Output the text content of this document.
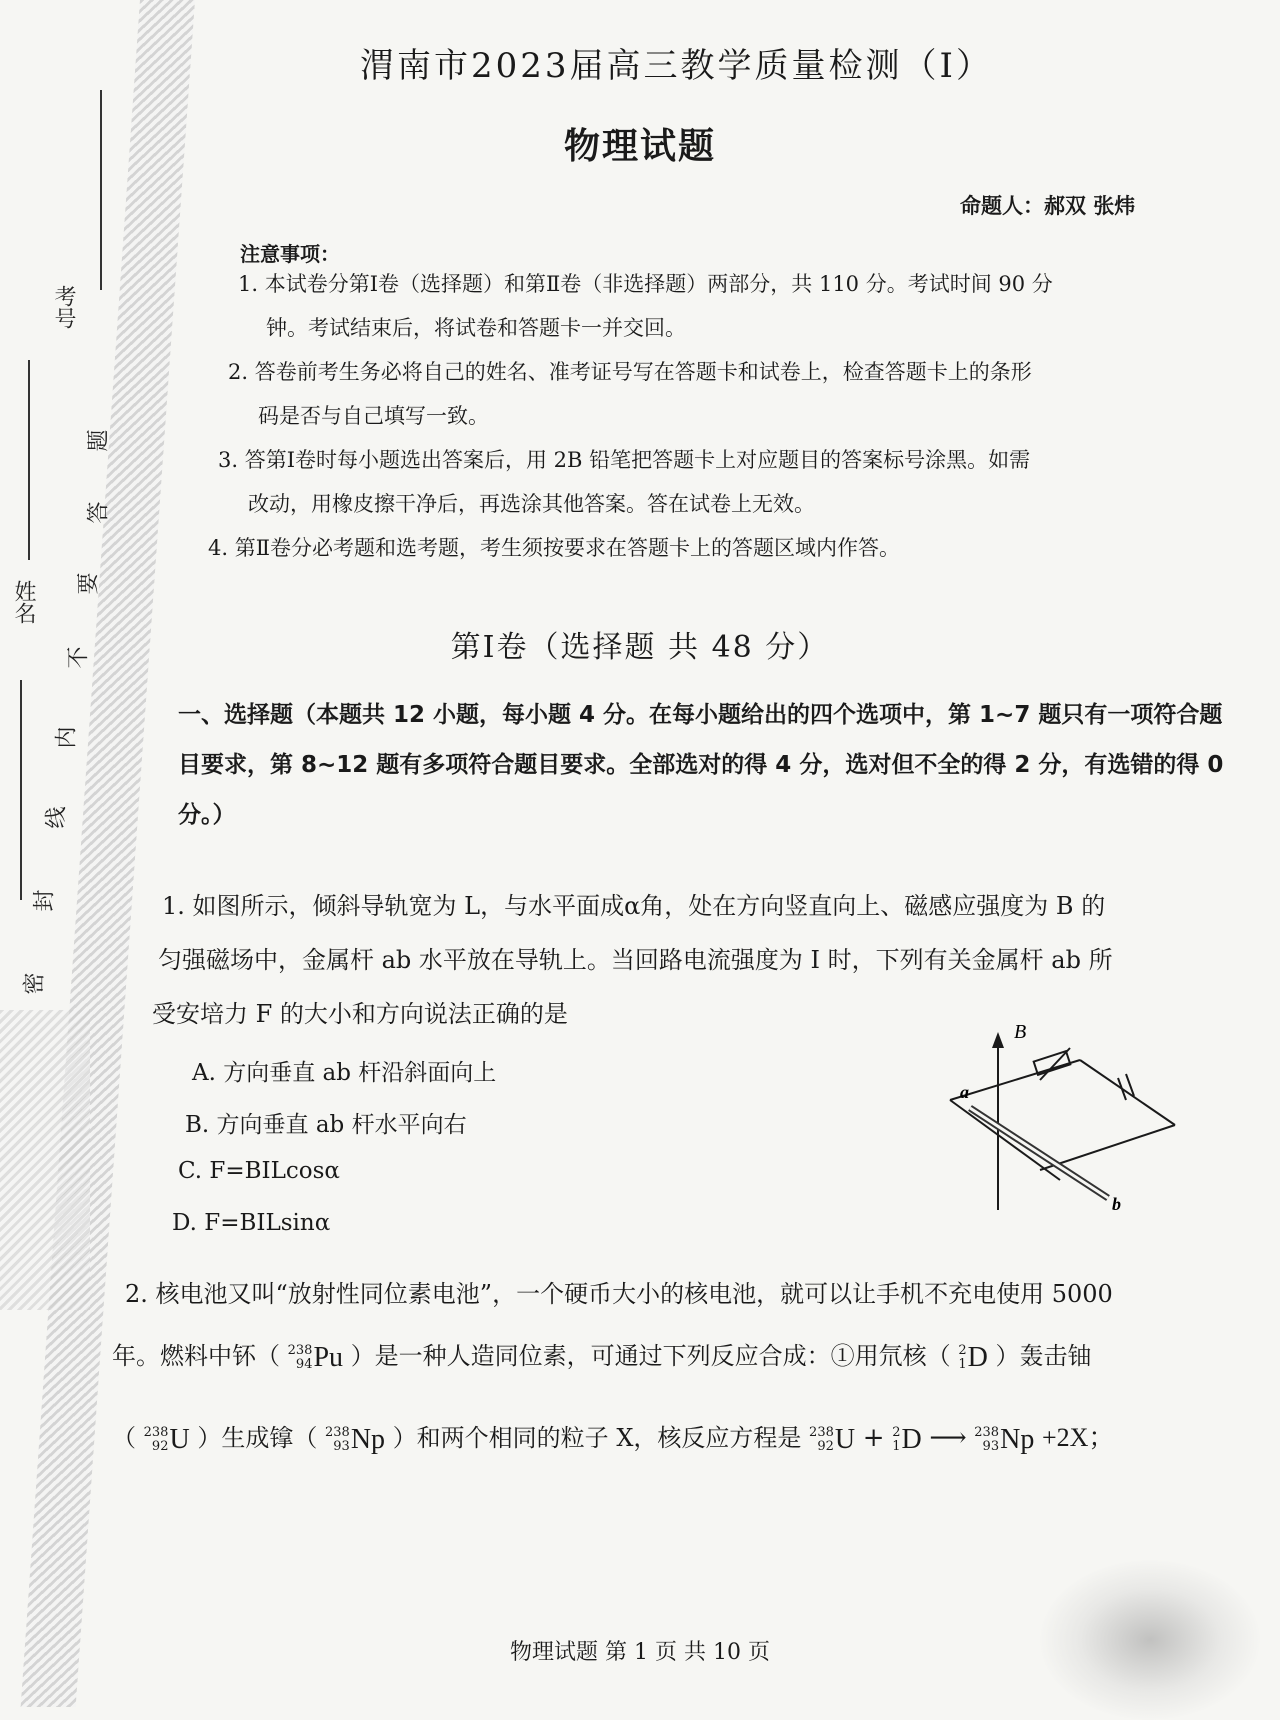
考号
姓名
题
答
要
不
内
线
封
密
渭南市2023届高三教学质量检测（Ⅰ）
物理试题
命题人：郝双 张炜
注意事项：
1. 本试卷分第Ⅰ卷（选择题）和第Ⅱ卷（非选择题）两部分，共 110 分。考试时间 90 分
钟。考试结束后，将试卷和答题卡一并交回。
2. 答卷前考生务必将自己的姓名、准考证号写在答题卡和试卷上，检查答题卡上的条形
码是否与自己填写一致。
3. 答第Ⅰ卷时每小题选出答案后，用 2B 铅笔把答题卡上对应题目的答案标号涂黑。如需
改动，用橡皮擦干净后，再选涂其他答案。答在试卷上无效。
4. 第Ⅱ卷分必考题和选考题，考生须按要求在答题卡上的答题区域内作答。
第Ⅰ卷（选择题 共 48 分）
一、选择题（本题共 12 小题，每小题 4 分。在每小题给出的四个选项中，第 1~7 题只有一项符合题目要求，第 8~12 题有多项符合题目要求。全部选对的得 4 分，选对但不全的得 2 分，有选错的得 0 分。）
1. 如图所示，倾斜导轨宽为 L，与水平面成α角，处在方向竖直向上、磁感应强度为 B 的
匀强磁场中，金属杆 ab 水平放在导轨上。当回路电流强度为 I 时，下列有关金属杆 ab 所
受安培力 F 的大小和方向说法正确的是
A. 方向垂直 ab 杆沿斜面向上
B. 方向垂直 ab 杆水平向右
C. F=BILcosα
D. F=BILsinα
B
a
b
2. 核电池又叫“放射性同位素电池”，一个硬币大小的核电池，就可以让手机不充电使用 5000
年。燃料中钚（ 238
94 Pu ）是一种人造同位素，可通过下列反应合成：①用氘核（ 2
1 D ）轰击铀
（ 238
92 U ）生成镎（ 238
93 Np ）和两个相同的粒子 X，核反应方程是 238
92 U + 2
1 D ⟶ 238
93 Np +2X；
物理试题 第 1 页 共 10 页
